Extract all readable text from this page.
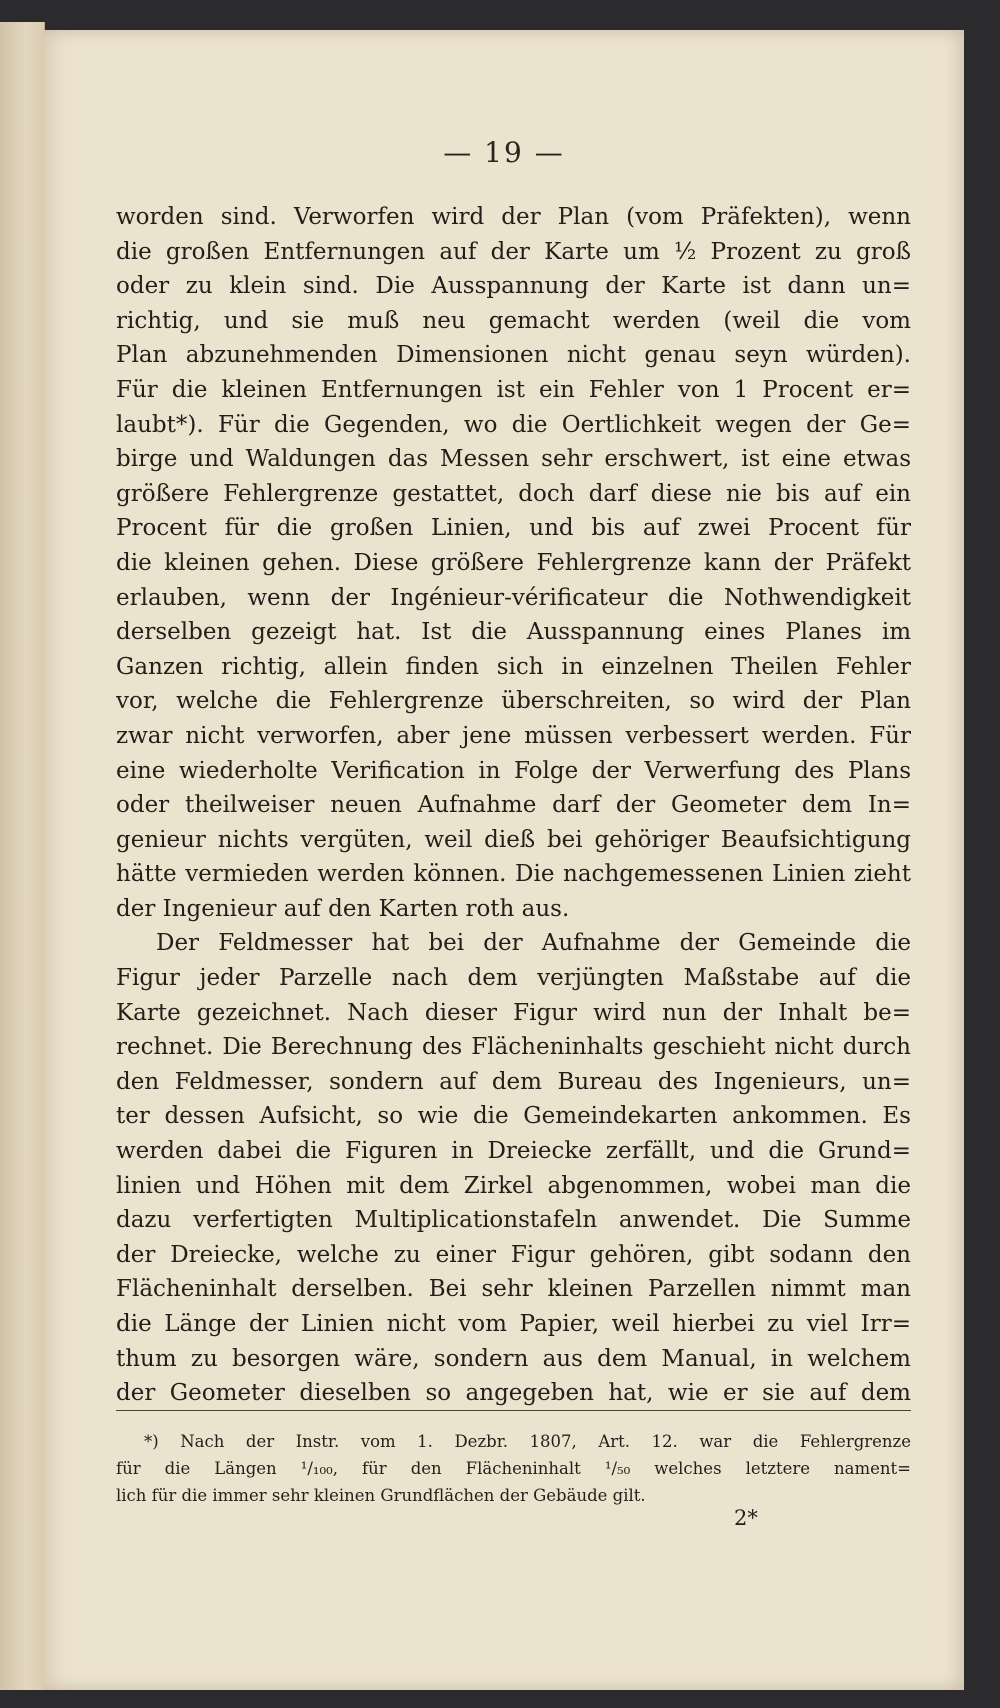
— 19 —
worden sind. Verworfen wird der Plan (vom Präfekten), wenn
die großen Entfernungen auf der Karte um ½ Prozent zu groß
oder zu klein sind. Die Ausspannung der Karte ist dann un=
richtig, und sie muß neu gemacht werden (weil die vom
Plan abzunehmenden Dimensionen nicht genau seyn würden).
Für die kleinen Entfernungen ist ein Fehler von 1 Procent er=
laubt*). Für die Gegenden, wo die Oertlichkeit wegen der Ge=
birge und Waldungen das Messen sehr erschwert, ist eine etwas
größere Fehlergrenze gestattet, doch darf diese nie bis auf ein
Procent für die großen Linien, und bis auf zwei Procent für
die kleinen gehen. Diese größere Fehlergrenze kann der Präfekt
erlauben, wenn der Ingénieur-vérificateur die Nothwendigkeit
derselben gezeigt hat. Ist die Ausspannung eines Planes im
Ganzen richtig, allein finden sich in einzelnen Theilen Fehler
vor, welche die Fehlergrenze überschreiten, so wird der Plan
zwar nicht verworfen, aber jene müssen verbessert werden. Für
eine wiederholte Verification in Folge der Verwerfung des Plans
oder theilweiser neuen Aufnahme darf der Geometer dem In=
genieur nichts vergüten, weil dieß bei gehöriger Beaufsichtigung
hätte vermieden werden können. Die nachgemessenen Linien zieht
der Ingenieur auf den Karten roth aus.
Der Feldmesser hat bei der Aufnahme der Gemeinde die
Figur jeder Parzelle nach dem verjüngten Maßstabe auf die
Karte gezeichnet. Nach dieser Figur wird nun der Inhalt be=
rechnet. Die Berechnung des Flächeninhalts geschieht nicht durch
den Feldmesser, sondern auf dem Bureau des Ingenieurs, un=
ter dessen Aufsicht, so wie die Gemeindekarten ankommen. Es
werden dabei die Figuren in Dreiecke zerfällt, und die Grund=
linien und Höhen mit dem Zirkel abgenommen, wobei man die
dazu verfertigten Multiplicationstafeln anwendet. Die Summe
der Dreiecke, welche zu einer Figur gehören, gibt sodann den
Flächeninhalt derselben. Bei sehr kleinen Parzellen nimmt man
die Länge der Linien nicht vom Papier, weil hierbei zu viel Irr=
thum zu besorgen wäre, sondern aus dem Manual, in welchem
der Geometer dieselben so angegeben hat, wie er sie auf dem
*) Nach der Instr. vom 1. Dezbr. 1807, Art. 12. war die Fehlergrenze
für die Längen ¹/₁₀₀, für den Flächeninhalt ¹/₅₀ welches letztere nament=
lich für die immer sehr kleinen Grundflächen der Gebäude gilt.
2*
